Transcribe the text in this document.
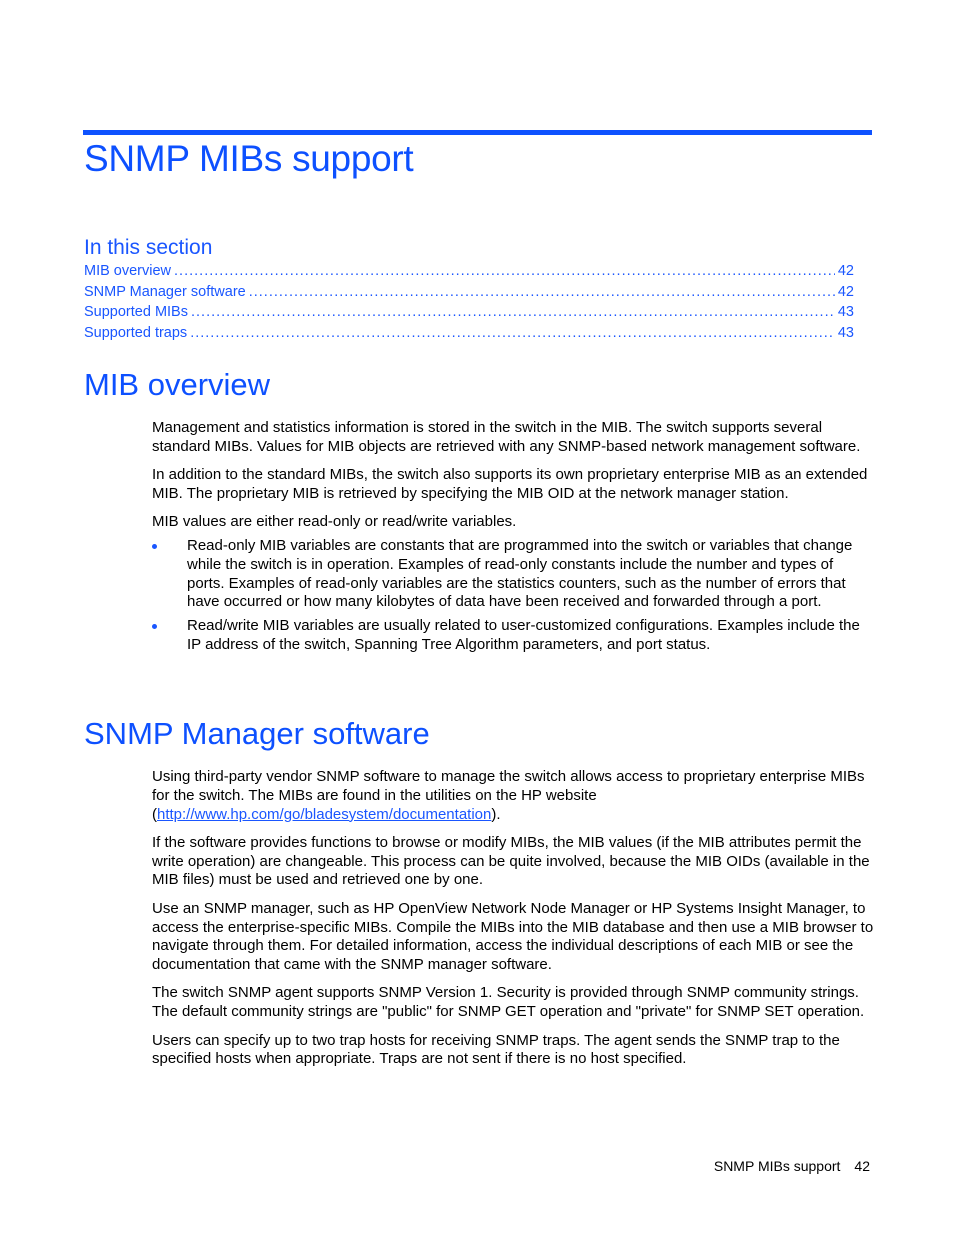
SNMP MIBs support
In this section
MIB overview .....	42
SNMP Manager software .....	42
Supported MIBs .....	43
Supported traps .....	43
MIB overview

Management and statistics information is stored in the switch in the MIB. The switch supports several standard MIBs. Values for MIB objects are retrieved with any SNMP-based network management software.

In addition to the standard MIBs, the switch also supports its own proprietary enterprise MIB as an extended MIB. The proprietary MIB is retrieved by specifying the MIB OID at the network manager station.

MIB values are either read-only or read/write variables.

Read-only MIB variables are constants that are programmed into the switch or variables that change while the switch is in operation. Examples of read-only constants include the number and types of ports. Examples of read-only variables are the statistics counters, such as the number of errors that have occurred or how many kilobytes of data have been received and forwarded through a port.
Read/write MIB variables are usually related to user-customized configurations. Examples include the IP address of the switch, Spanning Tree Algorithm parameters, and port status.
SNMP Manager software

Using third-party vendor SNMP software to manage the switch allows access to proprietary enterprise MIBs for the switch. The MIBs are found in the utilities on the HP website
(http://www.hp.com/go/bladesystem/documentation).

If the software provides functions to browse or modify MIBs, the MIB values (if the MIB attributes permit the write operation) are changeable. This process can be quite involved, because the MIB OIDs (available in the MIB files) must be used and retrieved one by one.

Use an SNMP manager, such as HP OpenView Network Node Manager or HP Systems Insight Manager, to access the enterprise-specific MIBs. Compile the MIBs into the MIB database and then use a MIB browser to navigate through them. For detailed information, access the individual descriptions of each MIB or see the documentation that came with the SNMP manager software.

The switch SNMP agent supports SNMP Version 1. Security is provided through SNMP community strings. The default community strings are "public" for SNMP GET operation and "private" for SNMP SET operation.

Users can specify up to two trap hosts for receiving SNMP traps. The agent sends the SNMP trap to the specified hosts when appropriate. Traps are not sent if there is no host specified.

SNMP MIBs support 42
